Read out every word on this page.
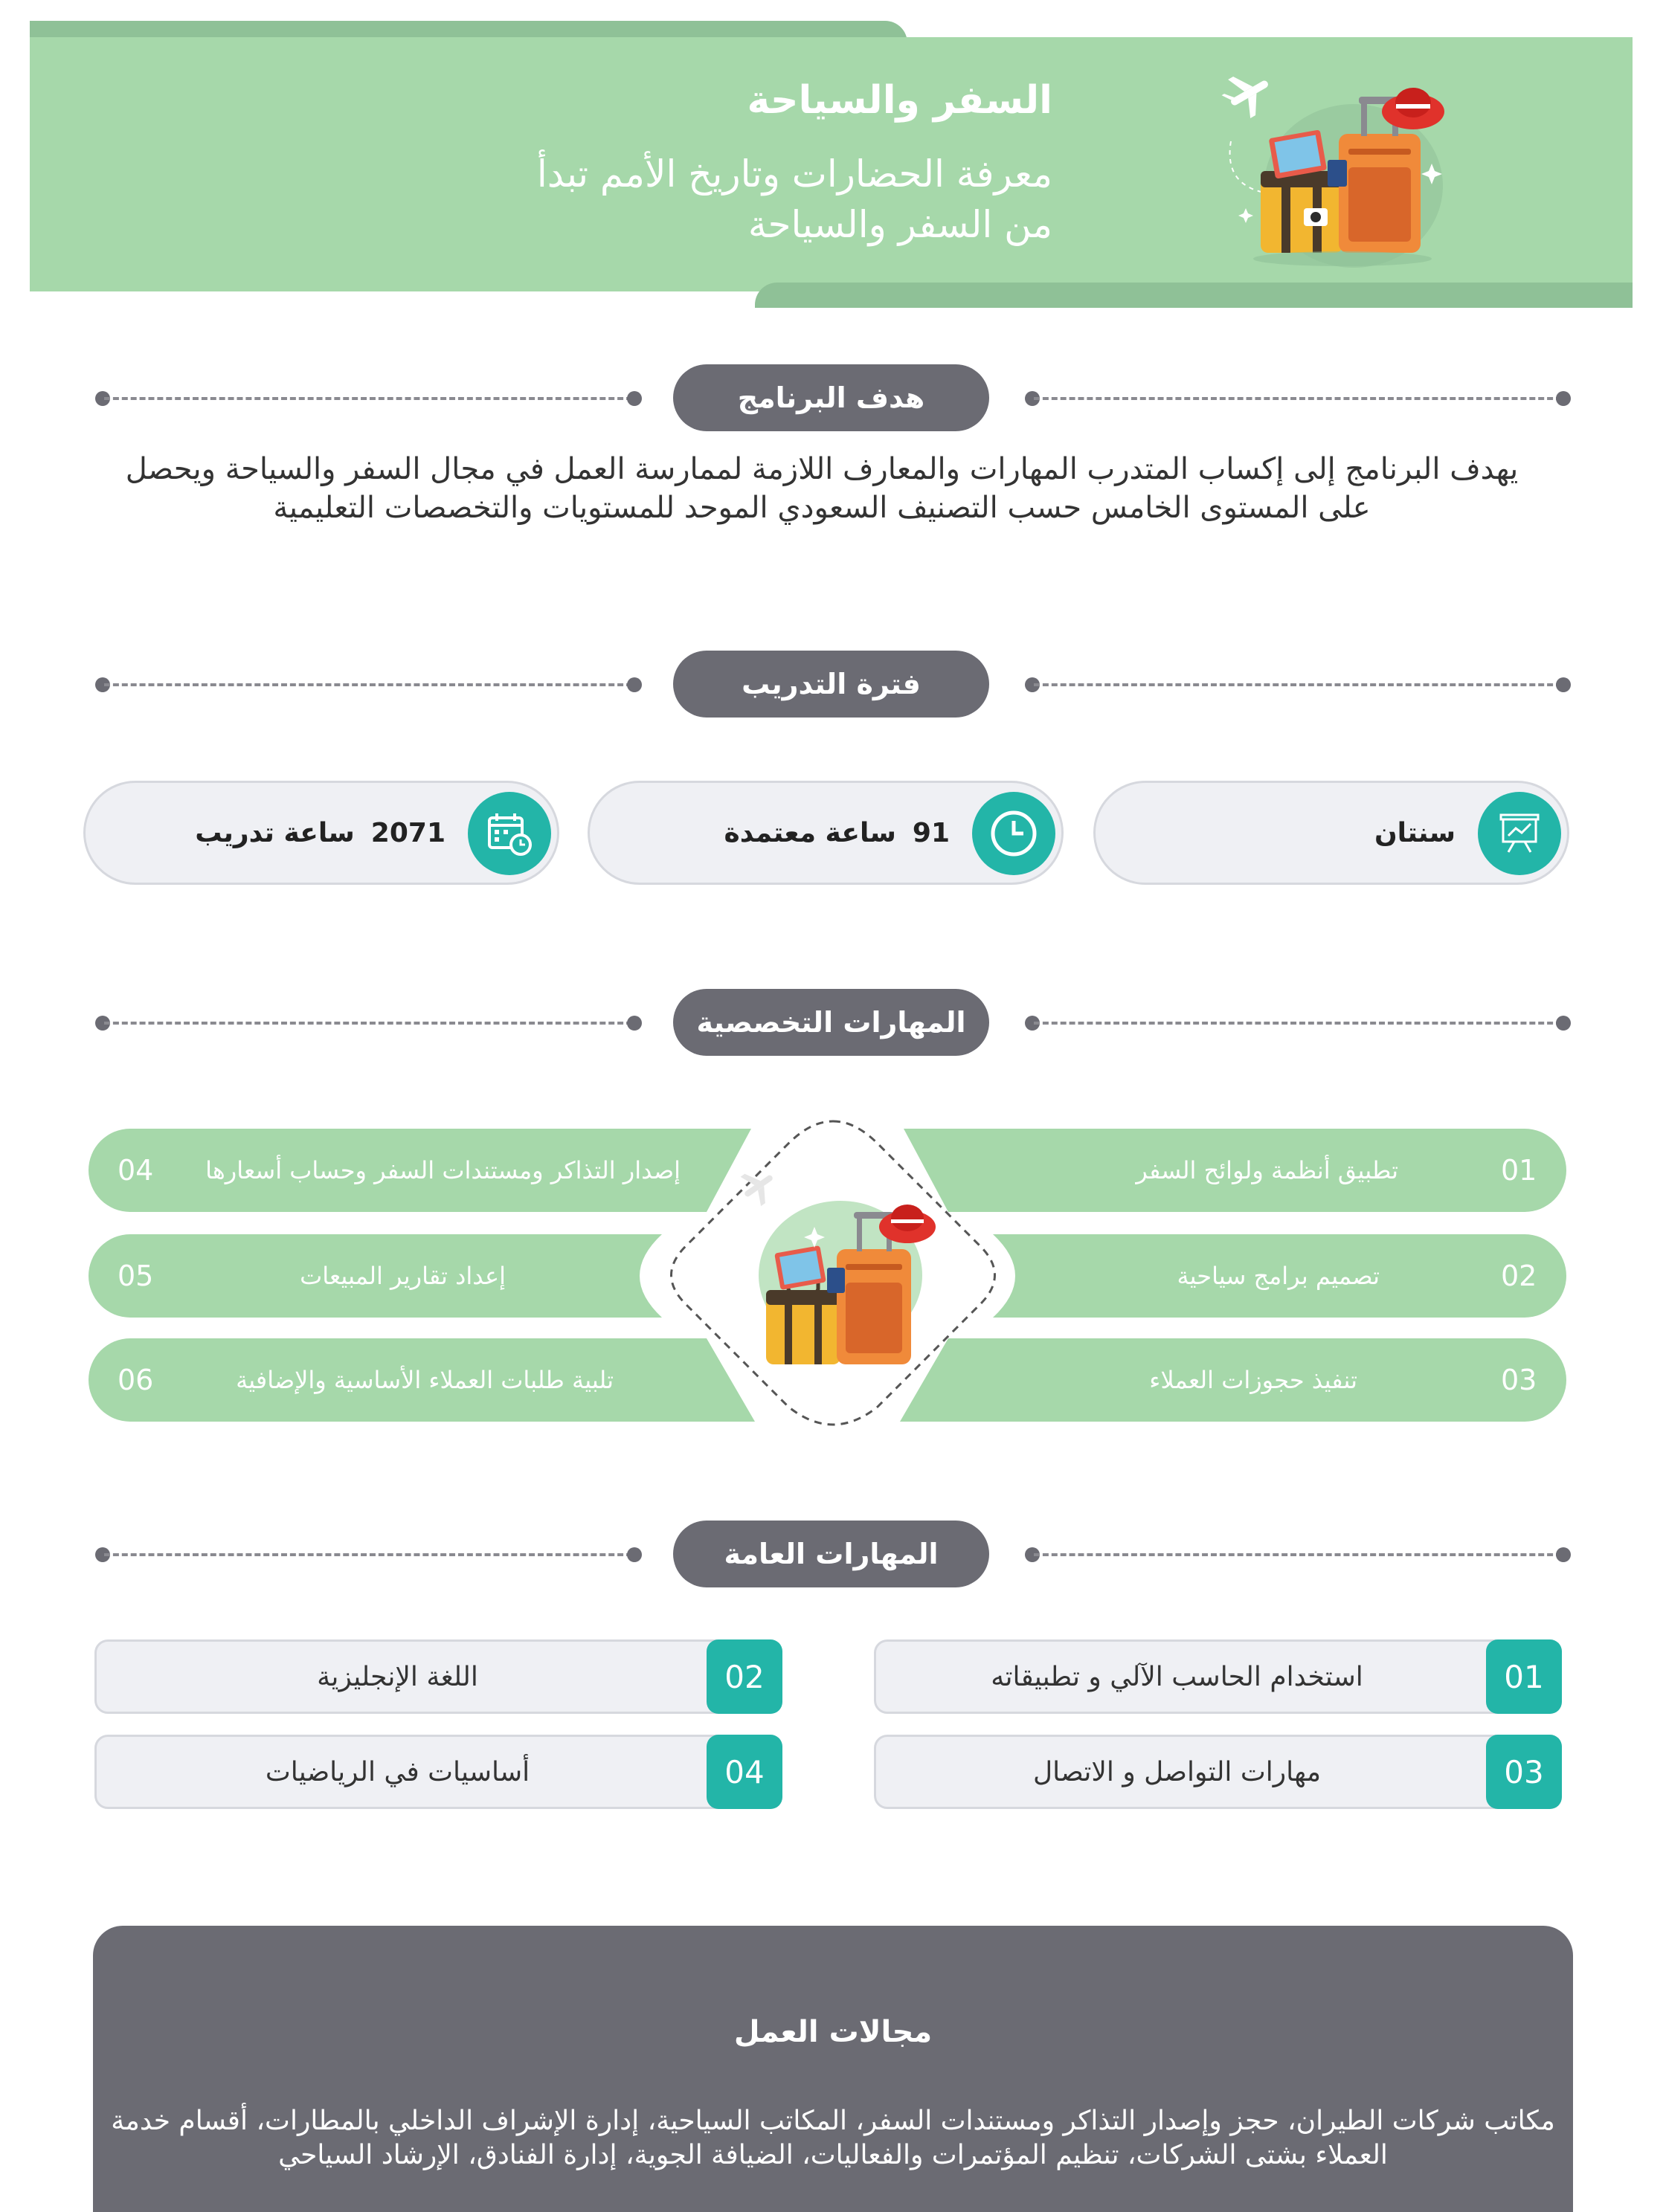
السفر والسياحة
معرفة الحضارات وتاريخ الأمم تبدأ من السفر والسياحة
هدف البرنامج
يهدف البرنامج إلى إكساب المتدرب المهارات والمعارف اللازمة لممارسة العمل في مجال السفر والسياحة ويحصل على المستوى الخامس حسب التصنيف السعودي الموحد للمستويات والتخصصات التعليمية
فترة التدريب
سنتان
91
ساعة معتمدة
2071
ساعة تدريب
المهارات التخصصية
01
تطبيق أنظمة ولوائح السفر
02
تصميم برامج سياحية
03
تنفيذ حجوزات العملاء
04 إصدار التذاكر ومستندات السفر وحساب أسعارها
05	إعداد تقارير المبيعات
06	تلبية طلبات العملاء الأساسية والإضافية
المهارات العامة
01
استخدام الحاسب الآلي و تطبيقاته
02
اللغة الإنجليزية
03
مهارات التواصل و الاتصال
04
أساسيات في الرياضيات
مجالات العمل
مكاتب شركات الطيران، حجز وإصدار التذاكر ومستندات السفر، المكاتب السياحية، إدارة الإشراف الداخلي بالمطارات، أقسام خدمة العملاء بشتى الشركات، تنظيم المؤتمرات والفعاليات، الضيافة الجوية، إدارة الفنادق، الإرشاد السياحي
